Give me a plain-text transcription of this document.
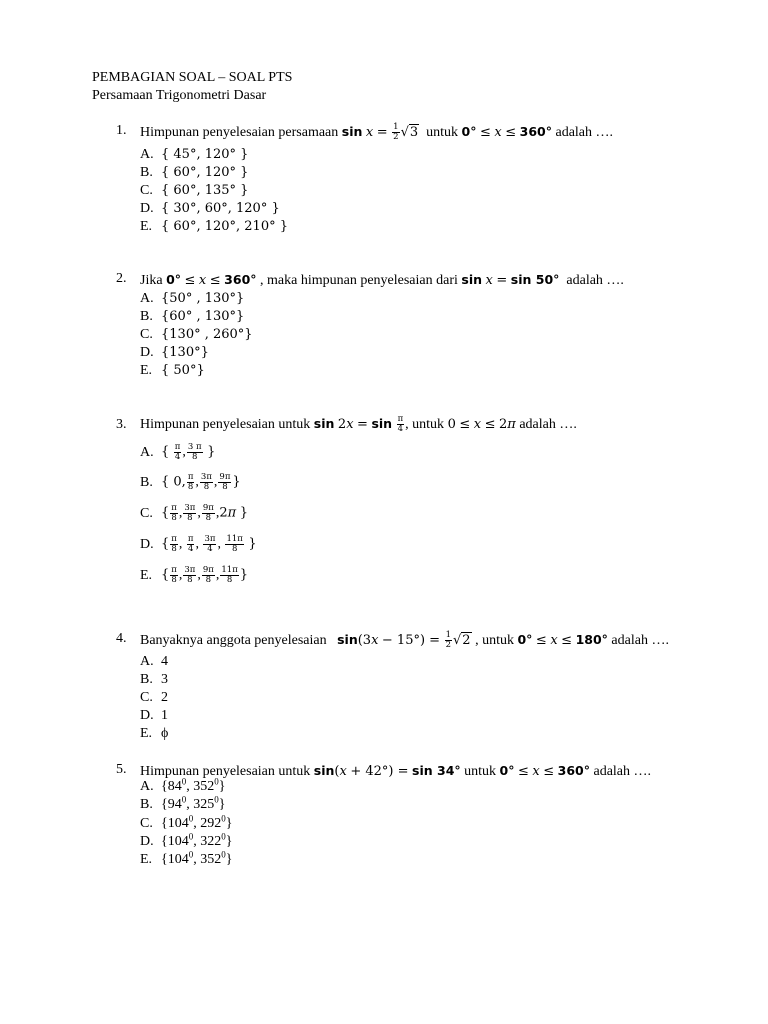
PEMBAGIAN SOAL – SOAL PTS
Persamaan Trigonometri Dasar
1. Himpunan penyelesaian persamaan $\sin x = \frac{1}{2} √3$ untuk 0° ≤ x ≤ 360° adalah ….
A. { 45°, 120° }
B. { 60°, 120° }
C. { 60°, 135° }
D. { 30°, 60°, 120° }
E. { 60°, 120°, 210° }
2. Jika 0° ≤ x ≤ 360° , maka himpunan penyelesaian dari sin x = sin 50° adalah ….
A. {50° , 130°}
B. {60° , 130°}
C. {130° , 260°}
D. {130°}
E. { 50°}
3. Himpunan penyelesaian untuk $\sin 2x = \sin \frac{\pi}{4}$ , untuk 0 ≤ x ≤ 2π adalah ….
A. { $\frac{\pi}{4}$ , $\frac{3 \pi}{8}$ }
B. { 0, $\frac{\pi}{8}$ , $\frac{3\pi}{8}$ , $\frac{9\pi}{8}$ }
C. { $\frac{\pi}{8}$ , $\frac{3\pi}{8}$ , $\frac{9\pi}{8} ,2\pi$ }
D. { $\frac{\pi}{8}$ , $\frac{\pi}{4}$ , $\frac{3\pi}{4}$ , $\frac{11\pi}{8}$ }
E. { $\frac{\pi}{8}$ , $\frac{3\pi}{8}$ , $\frac{9\pi}{8}$ , $\frac{11\pi}{8}$ }
4. Banyaknya anggota penyelesaian $\sin(3x - 15^\circ) = \frac{1}{2} √2$ , untuk 0° ≤ x ≤ 180° adalah ….
A. 4
B. 3
C. 2
D. 1
E. ϕ
5. Himpunan penyelesaian untuk sin(x + 42°) = sin 34° untuk 0° ≤ x ≤ 360° adalah ….
A. {$84^0$, $352^0$}
B. {$94^0$, $325^0$}
C. {$104^0$, $292^0$}
D. {$104^0$, $322^0$}
E. {$104^0$, $352^0$}
